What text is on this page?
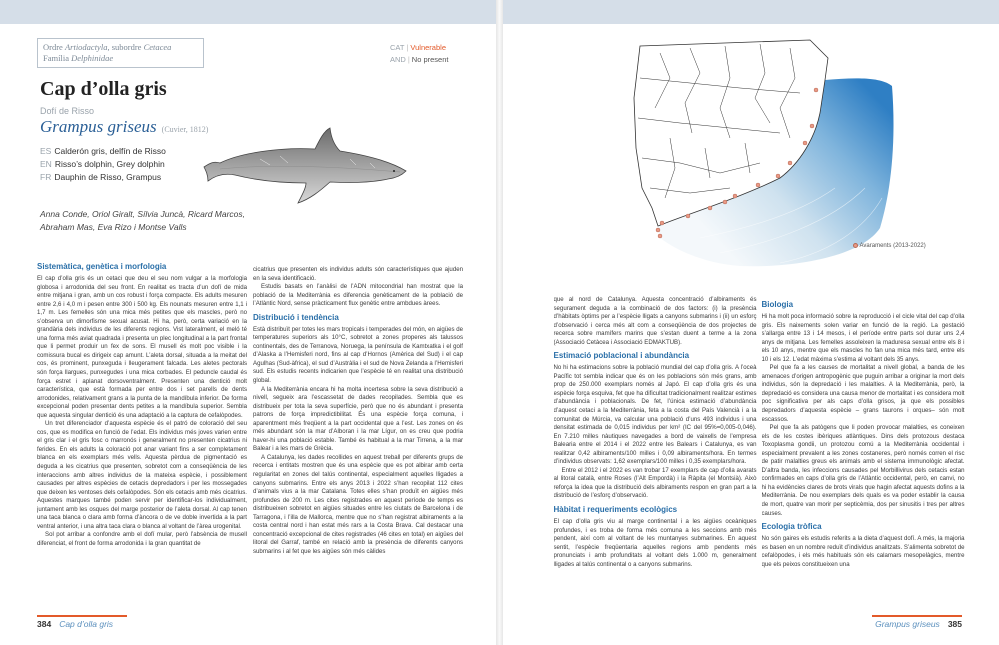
Ordre Artiodactyla, subordre Cetacea
Família Delphinidae
CAT | Vulnerable
AND | No present
Cap d’olla gris
Dofí de Risso
Grampus griseus (Cuvier, 1812)
ES Calderón gris, delfín de Risso
EN Risso’s dolphin, Grey dolphin
FR Dauphin de Risso, Grampus
Anna Conde, Oriol Giralt, Sílvia Juncà, Ricard Marcos,
Abraham Mas, Eva Rizo i Montse Valls
Sistemàtica, genètica i morfologia

El cap d’olla gris és un cetaci que deu el seu nom vulgar a la morfologia globosa i arrodonida del seu front. En realitat es tracta d’un dofí de mida entre mitjana i gran, amb un cos robust i força compacte. Els adults mesuren entre 2,6 i 4,0 m i pesen entre 300 i 500 kg. Els nounats mesuren entre 1,1 i 1,7 m. Les femelles són una mica més petites que els mascles, però no s’observa un dimorfisme sexual acusat. Hi ha, però, certa variació en la grandària dels individus de les diferents regions. Vist lateralment, el meló té una forma més aviat quadrada i presenta un plec longitudinal a la part frontal que li permet produir un fex de sons. El musell és molt poc visible i la comissura bucal es dirigeix cap amunt. L’aleta dorsal, situada a la meitat del cos, és prominent, punxeguda i lleugerament falcada. Les aletes pectorals són força llargues, punxegudes i una mica corbades. El peduncle caudal és força estret i aplanat dorsoventralment. Presenten una dentició molt característica, que està formada per entre dos i set parells de dents arrodonides, relativament grans a la punta de la mandíbula inferior. De forma excepcional poden presentar dents petites a la mandíbula superior. Sembla que aquesta singular dentició és una adaptació a la captura de cefalòpodes.

Un tret diferenciador d’aquesta espècie és el patró de coloració del seu cos, que es modifica en funció de l’edat. Els individus més joves varien entre el gris clar i el gris fosc o marronós i generalment no presenten cicatrius ni ferides. En els adults la coloració pot anar variant fins a ser completament blanca en els exemplars més vells. Aquesta pèrdua de pigmentació es deguda a les cicatrius que presenten, sobretot com a conseqüència de les interaccions amb altres individus de la mateixa espècie, i possiblement causades per altres espècies de cetacis depredadors i per les mossegades que deixen les ventoses dels cefalòpodes. Són els cetacis amb més cicatrius. Aquestes marques també poden servir per identificar-los individualment, juntament amb les osques del marge posterior de l’aleta dorsal. Al cap tenen una taca blanca o clara amb forma d’àncora o de ve doble invertida a la part ventral anterior, i una altra taca clara o blanca al voltant de l’àrea urogenital.

Sol pot arribar a confondre amb el dofí mular, però l’absència de musell diferenciat, el front de forma arrodonida i la gran quantitat de

cicatrius que presenten els individus adults són característiques que ajuden en la seva identificació.

Estudis basats en l’anàlisi de l’ADN mitocondrial han mostrat que la població de la Mediterrània es diferencia genèticament de la població de l’Atlàntic Nord, sense pràcticament flux genètic entre ambdues àrees.

Distribució i tendència

Està distribuït per totes les mars tropicals i temperades del món, en aigües de temperatures superiors als 10°C, sobretot a zones properes als talussos continentals, des de Terranova, Noruega, la península de Kamtxatka i el golf d’Alaska a l’Hemisferi nord, fins al cap d’Hornos (Amèrica del Sud) i el cap Agulhas (Sud-àfrica), el sud d’Austràlia i el sud de Nova Zelanda a l’Hemisferi sud. Els estudis recents indicarien que l’espècie té en realitat una distribució global.

A la Mediterrània encara hi ha molta incertesa sobre la seva distribució a nivell, segueix ara l’escassetat de dades recopilades. Sembla que es distribueix per tota la seva superfície, però que no és abundant i presenta patrons de força impredictibilitat. És una espècie força comuna, i aparentment més freqüent a la part occidental que a l’est. Les zones on és més abundant són la mar d’Alboran i la mar Lígur, on es creu que podria haver-hi una població estable. També és habitual a la mar Tirrena, a la mar Balear i a les mars de Grècia.

A Catalunya, les dades recollides en aquest treball per diferents grups de recerca i entitats mostren que és una espècie que es pot albirar amb certa regularitat en zones del talús continental, especialment aquelles lligades a canyons submarins. Entre els anys 2013 i 2022 s’han recopilat 112 cites d’animals vius a la mar Catalana. Totes elles s’han produït en aigües més profundes de 200 m. Les cites registrades en aquest període de temps es distribueixen sobretot en aigües situades entre les ciutats de Barcelona i de Tarragona, i l’illa de Mallorca, mentre que no s’han registrat albiraments a la costa central nord i han estat més rars a la Costa Brava. Cal destacar una concentració excepcional de cites registrades (46 cites en total) en aigües del litoral del Garraf, també en relació amb la presència de diferents canyons submarins i al fet que les aigües són més càlides

384 Cap d’olla gris
Avaraments (2013-2022)

que al nord de Catalunya. Aquesta concentració d’albiraments és segurament deguda a la combinació de dos factors: (i) la presència d’hàbitats òptims per a l’espècie lligats a canyons submarins i (ii) un esforç d’observació i cerca més alt com a conseqüència de dos projectes de recerca sobre mamífers marins que s’estan duent a terme a la zona (Associació Cetàcea i Associació EDMAKTUB).

Estimació poblacional i abundància

No hi ha estimacions sobre la població mundial del cap d’olla gris. A l’oceà Pacífic tot sembla indicar que és on les poblacions són més grans, amb prop de 250.000 exemplars només al Japó. El cap d’olla gris és una espècie força esquiva, fet que ha dificultat tradicionalment realitzar estimes d’abundància i poblacionals. De fet, l’única estimació d’abundància d’aquest cetaci a la Mediterrània, feta a la costa del País Valencià i a la comunitat de Múrcia, va calcular una població d’uns 493 individus i una densitat estimada de 0,015 individus per km² (IC del 95%=0,005-0,046). En 7.210 milles nàutiques navegades a bord de vaixells de l’empresa Balearia entre el 2014 i el 2022 entre les Balears i Catalunya, es van realitzar 0,42 albiraments/100 milles i 0,09 albiraments/hora. En termes d’individus observats: 1,62 exemplars/100 milles i 0,35 exemplars/hora.

Entre el 2012 i el 2022 es van trobar 17 exemplars de cap d’olla avarats al litoral català, entre Roses (l’Alt Empordà) i la Ràpita (el Montsià). Això reforça la idea que la distribució dels albiraments respon en gran part a la distribució de l’esforç d’observació.

Hàbitat i requeriments ecològics

El cap d’olla gris viu al marge continental i a les aigües oceàniques profundes, i es troba de forma més comuna a les seccions amb més pendent, així com al voltant de les muntanyes submarines. En aquest sentit, l’espècie freqüentaria aquelles regions amb pendents més pronunciats i amb profunditats al voltant dels 1.000 m, generalment lligades al talús continental o a canyons submarins.

Biologia

Hi ha molt poca informació sobre la reproducció i el cicle vital del cap d’olla gris. Els naixements solen variar en funció de la regió. La gestació s’allarga entre 13 i 14 mesos, i el període entre parts sol durar uns 2,4 anys de mitjana. Les femelles assoleixen la maduresa sexual entre els 8 i els 10 anys, mentre que els mascles ho fan una mica més tard, entre els 10 i els 12. L’edat màxima s’estima al voltant dels 35 anys.

Pel que fa a les causes de mortalitat a nivell global, a banda de les amenaces d’origen antropogènic que puguin arribar a originar la mort dels individus, són la depredació i les malalties. A la Mediterrània, però, la depredació es considera una causa menor de mortalitat i es considera molt poc significativa per als caps d’olla grisos, ja que els possibles depredadors d’aquesta espècie – grans taurons i orques– són molt escassos.

Pel que fa als patògens que li poden provocar malalties, es coneixen els de les costes ibèriques atlàntiques. Dins dels protozous destaca Toxoplasma gondii, un protozou comú a la Mediterrània occidental i especialment prevalent a les zones costaneres, però només corren el risc de patir malalties greus els animals amb el sistema immunològic afectat. D’altra banda, les infeccions causades pel Morbillivirus dels cetacis estan confirmades en caps d’olla gris de l’Atlàntic occidental, però, en canvi, no hi ha evidències clares de brots virals que hagin afectat aquests dofins a la Mediterrània. De nou exemplars dels quals es va poder establir la causa de mort, quatre van morir per septicèmia, dos per sinusitis i tres per altres causes.

Ecologia tròfica

No són gaires els estudis referits a la dieta d’aquest dofí. A més, la majoria es basen en un nombre reduït d’individus analitzats. S’alimenta sobretot de cefalòpodes, i els més habituals són els calamars mesopelàgics, mentre que els peixos constitueixen una

Grampus griseus 385
